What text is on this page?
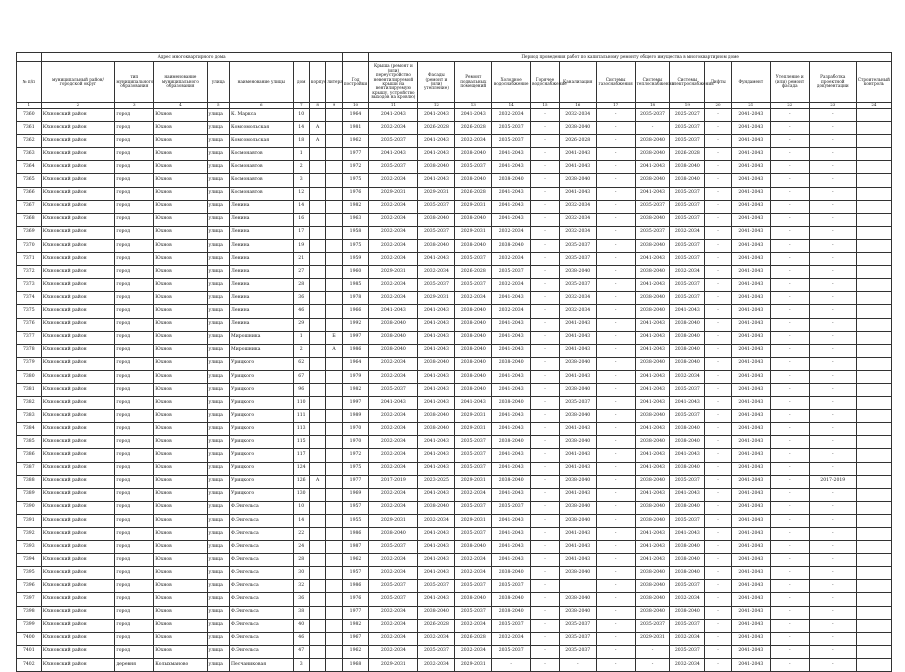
	Адрес многоквартирного дома									Период проведения работ по капитальному ремонту общего имущества в многоквартирном доме													
№ п/п	муниципальный район/городской округ	тип муниципального образования	наименование муниципального образования	улица	наименование улицы	дом	корпус	литера	Год постройки	Крыша (ремонт и (или) переустройство невентилируемой крыши на вентилируемую крышу, устройство выходов на кровлю)	Фасады (ремонт и (или) утепление)	Ремонт подвальных помещений	Холодное водоснабжение	Горячее водоснабжение	Канализация	Системы газоснабжения	Системы теплоснабжения	Системы электроснабжения	Лифты	Фундамент	Утепление и (или) ремонт фасада	Разработка проектной документации	Строительный контроль
1	2	3	4	5	6	7	8	9	10	11	12	13	14	15	16	17	18	19	20	21	22	23	24
7360	Юхновский район	город	Юхнов	улица	К. Маркса	10			1964	2041-2043	2041-2043	2041-2043	2032-2034	-	2032-2034	-	2035-2037	2025-2027	-	2041-2043	-	-	
7361	Юхновский район	город	Юхнов	улица	Комсомольская	14	А		1981	2032-2034	2026-2028	2026-2028	2035-2037	-	2038-2040	-	-	2035-2037	-	2041-2043	-	-	
7362	Юхновский район	город	Юхнов	улица	Комсомольская	18	А		1962	2035-2037	2041-2043	2032-2034	2035-2037	-	2026-2028	-	2038-2040	2035-2037	-	2041-2043	-	-	
7363	Юхновский район	город	Юхнов	улица	Космонавтов	1			1977	2041-2043	2041-2043	2038-2040	2041-2043	-	2041-2043	-	2038-2040	2026-2028	-	2041-2043	-	-	
7364	Юхновский район	город	Юхнов	улица	Космонавтов	2			1972	2035-2037	2038-2040	2035-2037	2041-2043	-	2041-2043	-	2041-2043	2038-2040	-	2041-2043	-	-	
7365	Юхновский район	город	Юхнов	улица	Космонавтов	3			1975	2032-2034	2041-2043	2038-2040	2038-2040	-	2038-2040	-	2038-2040	2038-2040	-	2041-2043	-	-	
7366	Юхновский район	город	Юхнов	улица	Космонавтов	12			1976	2029-2031	2029-2031	2026-2028	2041-2043	-	2041-2043	-	2041-2043	2035-2037	-	2041-2043	-	-	
7367	Юхновский район	город	Юхнов	улица	Ленина	14			1982	2032-2034	2035-2037	2029-2031	2041-2043	-	2032-2034	-	2035-2037	2035-2037	-	2041-2043	-	-	
7368	Юхновский район	город	Юхнов	улица	Ленина	16			1963	2032-2034	2038-2040	2038-2040	2041-2043	-	2032-2034	-	2038-2040	2035-2037	-	2041-2043	-	-	
7369	Юхновский район	город	Юхнов	улица	Ленина	17			1958	2032-2034	2035-2037	2029-2031	2032-2034	-	2032-2034	-	2035-2037	2032-2034	-	2041-2043	-	-	
7370	Юхновский район	город	Юхнов	улица	Ленина	19			1975	2032-2034	2038-2040	2038-2040	2038-2040	-	2035-2037	-	2038-2040	2035-2037	-	2041-2043	-	-	
7371	Юхновский район	город	Юхнов	улица	Ленина	21			1959	2032-2034	2041-2043	2035-2037	2032-2034	-	2035-2037	-	2041-2043	2035-2037	-	2041-2043	-	-	
7372	Юхновский район	город	Юхнов	улица	Ленина	27			1960	2029-2031	2032-2034	2026-2028	2035-2037	-	2038-2040	-	2038-2040	2032-2034	-	2041-2043	-	-	
7373	Юхновский район	город	Юхнов	улица	Ленина	28			1985	2032-2034	2035-2037	2035-2037	2032-2034	-	2035-2037	-	2041-2043	2035-2037	-	2041-2043	-	-	
7374	Юхновский район	город	Юхнов	улица	Ленина	36			1978	2032-2034	2029-2031	2032-2034	2041-2043	-	2032-2034	-	2038-2040	2035-2037	-	2041-2043	-	-	
7375	Юхновский район	город	Юхнов	улица	Ленина	46			1966	2041-2043	2041-2043	2038-2040	2032-2034	-	2032-2034	-	2038-2040	2041-2043	-	2041-2043	-	-	
7376	Юхновский район	город	Юхнов	улица	Ленина	29			1992	2038-2040	2041-2043	2038-2040	2041-2043	-	2041-2043	-	2041-2043	2038-2040	-	2041-2043	-	-	
7377	Юхновский район	город	Юхнов	улица	Мирошника	1		Б	1997	2038-2040	2041-2043	2038-2040	2041-2043	-	2041-2043	-	2041-2043	2038-2040	-	2041-2043	-	-	
7378	Юхновский район	город	Юхнов	улица	Мирошника	2		А	1986	2038-2040	2041-2043	2038-2040	2041-2043	-	2041-2043	-	2041-2043	2038-2040	-	2041-2043	-	-	
7379	Юхновский район	город	Юхнов	улица	Урицкого	62			1964	2032-2034	2038-2040	2038-2040	2038-2040	-	2038-2040	-	2038-2040	2038-2040	-	2041-2043	-	-	
7380	Юхновский район	город	Юхнов	улица	Урицкого	67			1979	2032-2034	2041-2043	2038-2040	2041-2043	-	2041-2043	-	2041-2043	2032-2034	-	2041-2043	-	-	
7381	Юхновский район	город	Юхнов	улица	Урицкого	96			1982	2035-2037	2041-2043	2038-2040	2041-2043	-	2038-2040	-	2041-2043	2035-2037	-	2041-2043	-	-	
7382	Юхновский район	город	Юхнов	улица	Урицкого	110			1997	2041-2043	2041-2043	2041-2043	2038-2040	-	2035-2037	-	2041-2043	2041-2043	-	2041-2043	-	-	
7383	Юхновский район	город	Юхнов	улица	Урицкого	111			1989	2032-2034	2038-2040	2029-2031	2041-2043	-	2038-2040	-	2038-2040	2035-2037	-	2041-2043	-	-	
7384	Юхновский район	город	Юхнов	улица	Урицкого	113			1970	2032-2034	2038-2040	2029-2031	2041-2043	-	2041-2043	-	2041-2043	2038-2040	-	2041-2043	-	-	
7385	Юхновский район	город	Юхнов	улица	Урицкого	115			1970	2032-2034	2041-2043	2035-2037	2038-2040	-	2038-2040	-	2038-2040	2038-2040	-	2041-2043	-	-	
7386	Юхновский район	город	Юхнов	улица	Урицкого	117			1972	2032-2034	2041-2043	2035-2037	2041-2043	-	2041-2043	-	2041-2043	2041-2043	-	2041-2043	-	-	
7387	Юхновский район	город	Юхнов	улица	Урицкого	124			1975	2032-2034	2041-2043	2035-2037	2041-2043	-	2041-2043	-	2041-2043	2038-2040	-	2041-2043	-	-	
7388	Юхновский район	город	Юхнов	улица	Урицкого	126	А		1977	2017-2019	2023-2025	2029-2031	2038-2040	-	2038-2040	-	2038-2040	2035-2037	-	2041-2043	-	2017-2019	
7389	Юхновский район	город	Юхнов	улица	Урицкого	130			1969	2032-2034	2041-2043	2032-2034	2041-2043	-	2041-2043	-	2041-2043	2041-2043	-	2041-2043	-	-	
7390	Юхновский район	город	Юхнов	улица	Ф.Энгельса	10			1957	2032-2034	2038-2040	2035-2037	2035-2037	-	2038-2040	-	2038-2040	2038-2040	-	2041-2043	-	-	
7391	Юхновский район	город	Юхнов	улица	Ф.Энгельса	14			1955	2029-2031	2032-2034	2029-2031	2041-2043	-	2038-2040	-	2038-2040	2035-2037	-	2041-2043	-	-	
7392	Юхновский район	город	Юхнов	улица	Ф.Энгельса	22			1986	2038-2040	2041-2043	2035-2037	2041-2043	-	2041-2043	-	2041-2043	2041-2043	-	2041-2043	-	-	
7393	Юхновский район	город	Юхнов	улица	Ф.Энгельса	24			1987	2035-2037	2041-2043	2038-2040	2041-2043	-	2041-2043	-	2041-2043	2038-2040	-	2041-2043	-	-	
7394	Юхновский район	город	Юхнов	улица	Ф.Энгельса	28			1962	2032-2034	2041-2043	2032-2034	2041-2043	-	2041-2043	-	2041-2043	2038-2040	-	2041-2043	-	-	
7395	Юхновский район	город	Юхнов	улица	Ф.Энгельса	30			1957	2032-2034	2041-2043	2032-2034	2038-2040	-	2038-2040	-	2038-2040	2038-2040	-	2041-2043	-	-	
7396	Юхновский район	город	Юхнов	улица	Ф.Энгельса	32			1986	2035-2037	2035-2037	2035-2037	2035-2037	-		-	2038-2040	2035-2037	-	2041-2043	-	-	
7397	Юхновский район	город	Юхнов	улица	Ф.Энгельса	36			1976	2035-2037	2041-2043	2038-2040	2038-2040	-	2038-2040	-	2038-2040	2032-2034	-	2041-2043	-	-	
7398	Юхновский район	город	Юхнов	улица	Ф.Энгельса	38			1977	2032-2034	2038-2040	2035-2037	2038-2040	-	2038-2040	-	2038-2040	2038-2040	-	2041-2043	-	-	
7399	Юхновский район	город	Юхнов	улица	Ф.Энгельса	40			1982	2032-2034	2026-2028	2032-2034	2035-2037	-	2035-2037	-	2035-2037	2035-2037	-	2041-2043	-	-	
7400	Юхновский район	город	Юхнов	улица	Ф.Энгельса	46			1967	2032-2034	2032-2034	2026-2028	2032-2034	-	2035-2037	-	2029-2031	2032-2034	-	2041-2043	-	-	
7401	Юхновский район	город	Юхнов	улица	Ф.Энгельса	47			1962	2032-2034	2035-2037	2032-2034	2035-2037	-	2035-2037	-	-	2035-2037	-	2041-2043	-	-	
7402	Юхновский район	деревня	Колыхманово	улица	Песчаниковая	3			1968	2029-2031	2032-2034	2029-2031	-	-	-	-	-	2032-2034	-	2041-2043	-	-	
